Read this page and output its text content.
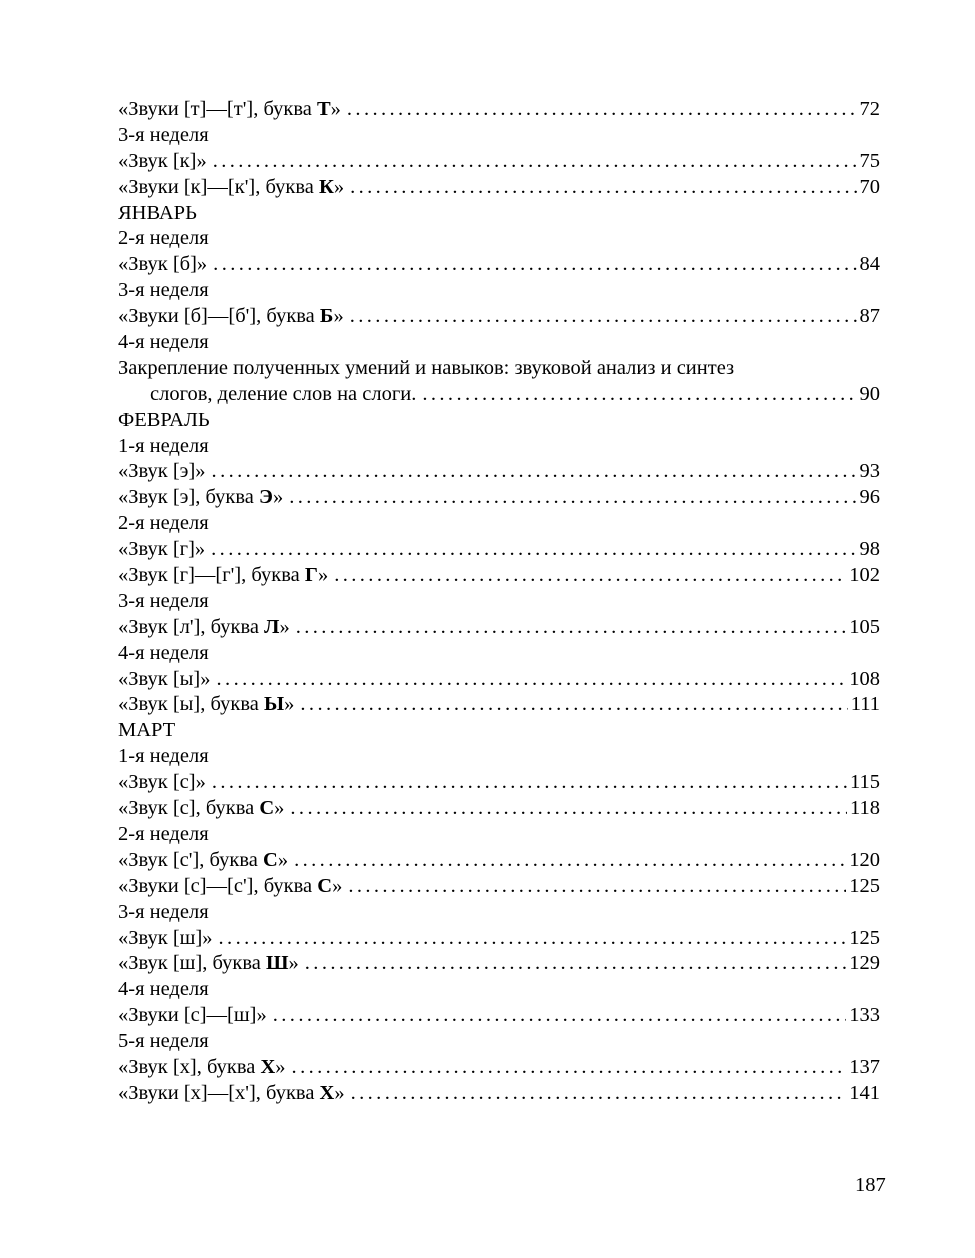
«Звуки [т]—[т'], буква Т» .....	72
3-я неделя
«Звук [к]» .....	75
«Звуки [к]—[к'], буква К» .....	70
ЯНВАРЬ
2-я неделя
«Звук [б]» .....	84
3-я неделя
«Звуки [б]—[б'], буква Б» .....	87
4-я неделя
Закрепление полученных умений и навыков: звуковой анализ и синтез
слогов, деление слов на слоги. .....	90
ФЕВРАЛЬ
1-я неделя
«Звук [э]» .....	93
«Звук [э], буква Э» .....	96
2-я неделя
«Звук [г]» .....	98
«Звук [г]—[г'], буква Г» .....	102
3-я неделя
«Звук [л'], буква Л» .....	105
4-я неделя
«Звук [ы]» .....	108
«Звук [ы], буква Ы» .....	111
МАРТ
1-я неделя
«Звук [с]» .....	115
«Звук [с], буква С» .....	118
2-я неделя
«Звук [с'], буква С» .....	120
«Звуки [с]—[с'], буква С» .....	125
3-я неделя
«Звук [ш]» .....	125
«Звук [ш], буква Ш» .....	129
4-я неделя
«Звуки [с]—[ш]» .....	133
5-я неделя
«Звук [х], буква Х» .....	137
«Звуки [х]—[х'], буква Х» .....	141
187
